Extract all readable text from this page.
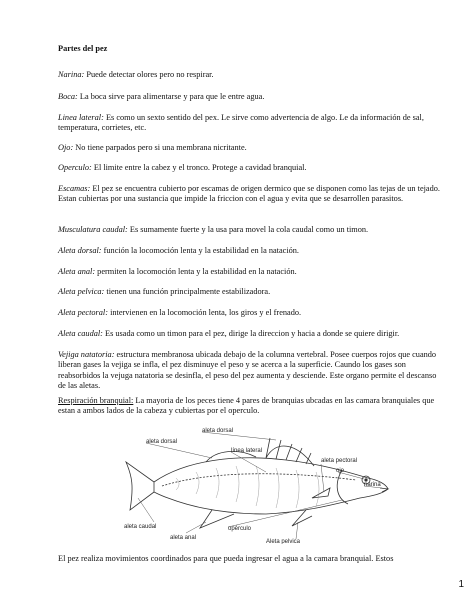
Partes del pez

Narina: Puede detectar olores pero no respirar.

Boca: La boca sirve para alimentarse y para que le entre agua.

Linea lateral: Es como un sexto sentido del pex. Le sirve como advertencia de algo. Le da información de sal, temperatura, corrietes, etc.

Ojo: No tiene parpados pero si una membrana nicritante.

Operculo: El limite entre la cabez y el tronco. Protege a cavidad branquial.

Escamas: El pez se encuentra cubierto por escamas de origen dermico que se disponen como las tejas de un tejado. Estan cubiertas por una sustancia que impide la friccion con el agua y evita que se desarrollen parasitos.

Musculatura caudal: Es sumamente fuerte y la usa para movel la cola caudal como un timon.

Aleta dorsal: función la locomoción lenta y la estabilidad en la natación.

Aleta anal: permiten la locomoción lenta y la estabilidad en la natación.

Aleta pelvica: tienen una función principalmente estabilizadora.

Aleta pectoral: intervienen en la locomoción lenta, los giros y el frenado.

Aleta caudal: Es usada como un timon para el pez, dirige la direccion y hacia a donde se quiere dirigir.

Vejiga natatoria: estructura membranosa ubicada debajo de la columna vertebral. Posee cuerpos rojos que cuando liberan gases la vejiga se infla, el pez disminuye el peso y se acerca a la superficie. Caundo los gases son reabsorbidos la vejuga natatoria se desinfla, el peso del pez aumenta y desciende. Este organo permite el descanso de las aletas.

Respiración branquial: La mayoria de los peces tiene 4 pares de branquias ubcadas en las camara branquiales que estan a ambos lados de la cabeza y cubiertas por el operculo.

aleta dorsal
aleta dorsal
línea lateral
aleta pectoral
ojo
narina
aleta caudal
aleta anal
opérculo
Aleta pelvica

El pez realiza movimientos coordinados para que pueda ingresar el agua a la camara branquial. Estos

1
